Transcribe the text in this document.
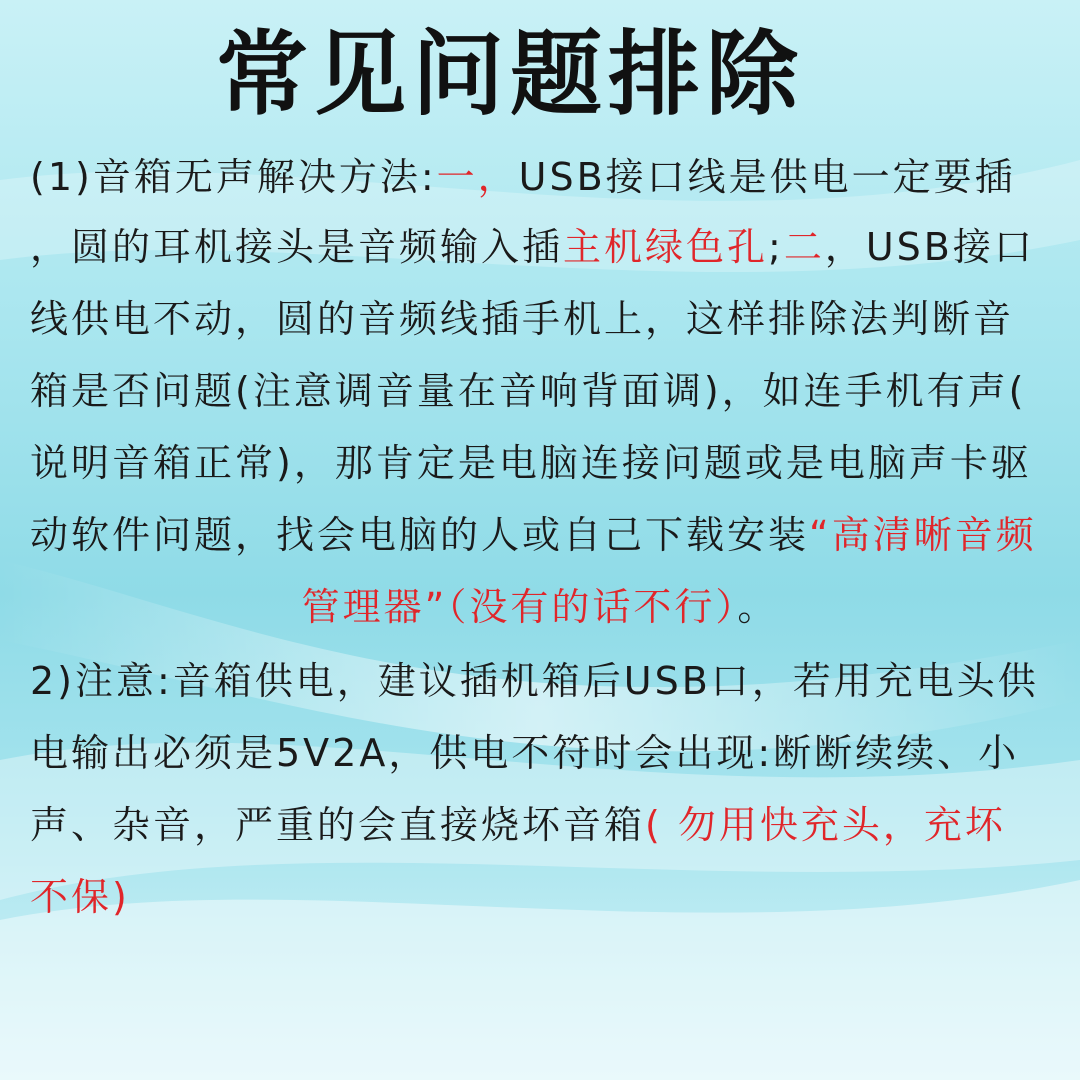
常见问题排除
(1)音箱无声解决方法:一，USB接口线是供电一定要插
，圆的耳机接头是音频输入插主机绿色孔;二，USB接口
线供电不动，圆的音频线插手机上，这样排除法判断音
箱是否问题(注意调音量在音响背面调)，如连手机有声(
说明音箱正常)，那肯定是电脑连接问题或是电脑声卡驱
动软件问题，找会电脑的人或自己下载安装“高清晰音频
管理器”（没有的话不行）。
2)注意:音箱供电，建议插机箱后USB口，若用充电头供
电输出必须是5V2A，供电不符时会出现:断断续续、小
声、杂音，严重的会直接烧坏音箱( 勿用快充头，充坏
不保)
